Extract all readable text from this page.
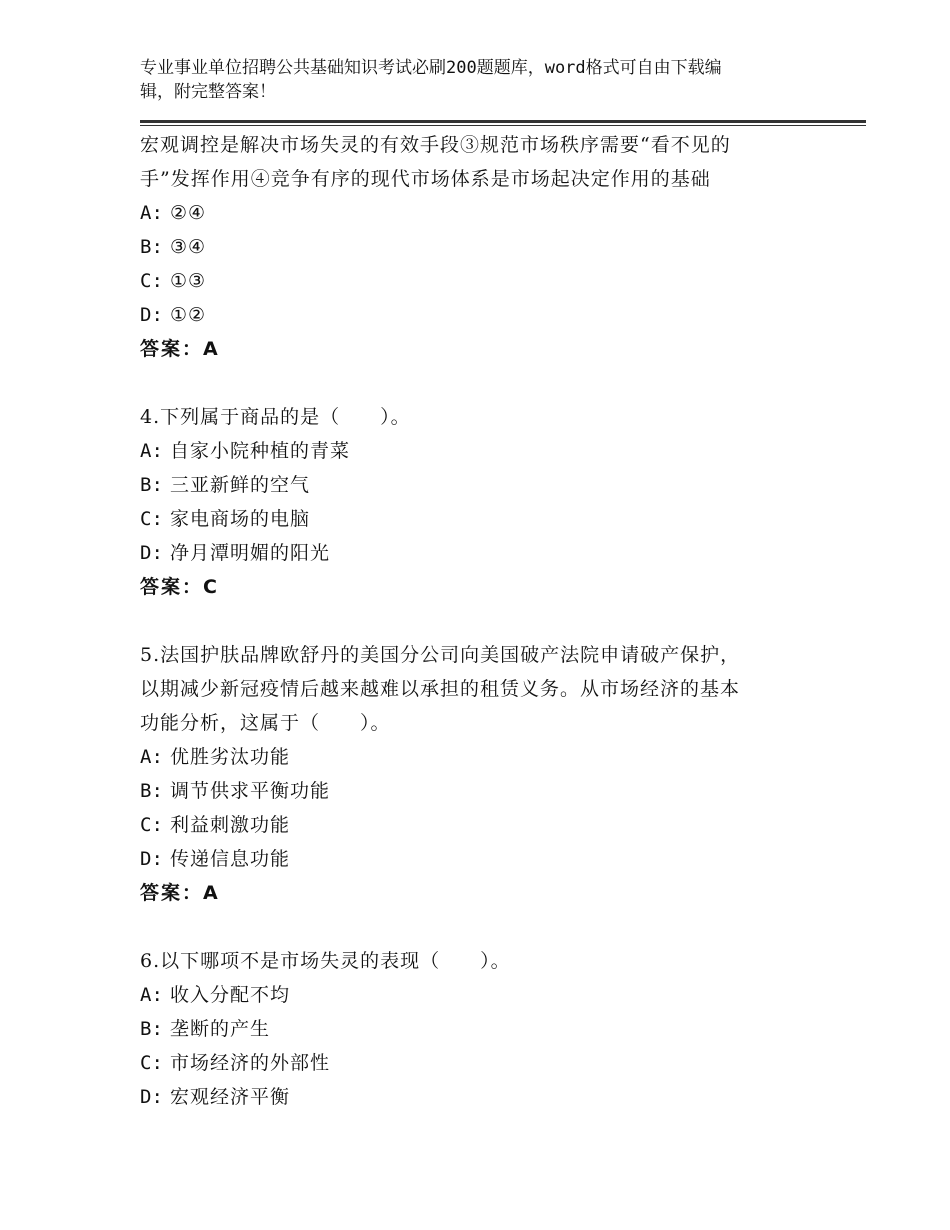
专业事业单位招聘公共基础知识考试必刷200题题库，word格式可自由下载编
辑，附完整答案！
宏观调控是解决市场失灵的有效手段③规范市场秩序需要“看不见的
手”发挥作用④竞争有序的现代市场体系是市场起决定作用的基础
A: ②④
B: ③④
C: ①③
D: ①②
答案：A
4.下列属于商品的是（　　）。
A: 自家小院种植的青菜
B: 三亚新鲜的空气
C: 家电商场的电脑
D: 净月潭明媚的阳光
答案：C
5.法国护肤品牌欧舒丹的美国分公司向美国破产法院申请破产保护，
以期减少新冠疫情后越来越难以承担的租赁义务。从市场经济的基本
功能分析，这属于（　　）。
A: 优胜劣汰功能
B: 调节供求平衡功能
C: 利益刺激功能
D: 传递信息功能
答案：A
6.以下哪项不是市场失灵的表现（　　）。
A: 收入分配不均
B: 垄断的产生
C: 市场经济的外部性
D: 宏观经济平衡
